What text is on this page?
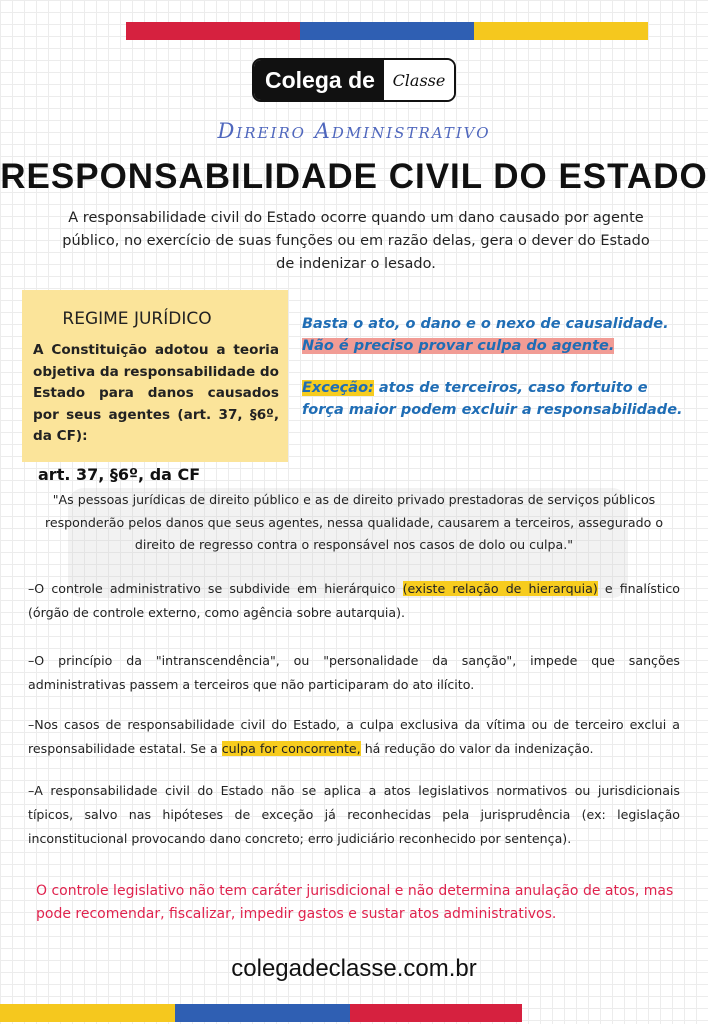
Colega de	Classe
Direiro Administrativo
RESPONSABILIDADE CIVIL DO ESTADO
A responsabilidade civil do Estado ocorre quando um dano causado por agente público, no exercício de suas funções ou em razão delas, gera o dever do Estado de indenizar o lesado.
REGIME JURÍDICO
A Constituição adotou a teoria objetiva da responsabilidade do Estado para danos causados por seus agentes (art. 37, §6º, da CF):
Basta o ato, o dano e o nexo de causalidade.
Não é preciso provar culpa do agente.
Exceção: atos de terceiros, caso fortuito e força maior podem excluir a responsabilidade.
art. 37, §6º, da CF
"As pessoas jurídicas de direito público e as de direito privado prestadoras de serviços públicos responderão pelos danos que seus agentes, nessa qualidade, causarem a terceiros, assegurado o direito de regresso contra o responsável nos casos de dolo ou culpa."
–O controle administrativo se subdivide em hierárquico (existe relação de hierarquia) e finalístico (órgão de controle externo, como agência sobre autarquia).
–O princípio da "intranscendência", ou "personalidade da sanção", impede que sanções administrativas passem a terceiros que não participaram do ato ilícito.
–Nos casos de responsabilidade civil do Estado, a culpa exclusiva da vítima ou de terceiro exclui a responsabilidade estatal. Se a culpa for concorrente, há redução do valor da indenização.
–A responsabilidade civil do Estado não se aplica a atos legislativos normativos ou jurisdicionais típicos, salvo nas hipóteses de exceção já reconhecidas pela jurisprudência (ex: legislação inconstitucional provocando dano concreto; erro judiciário reconhecido por sentença).
O controle legislativo não tem caráter jurisdicional e não determina anulação de atos, mas pode recomendar, fiscalizar, impedir gastos e sustar atos administrativos.
colegadeclasse.com.br
